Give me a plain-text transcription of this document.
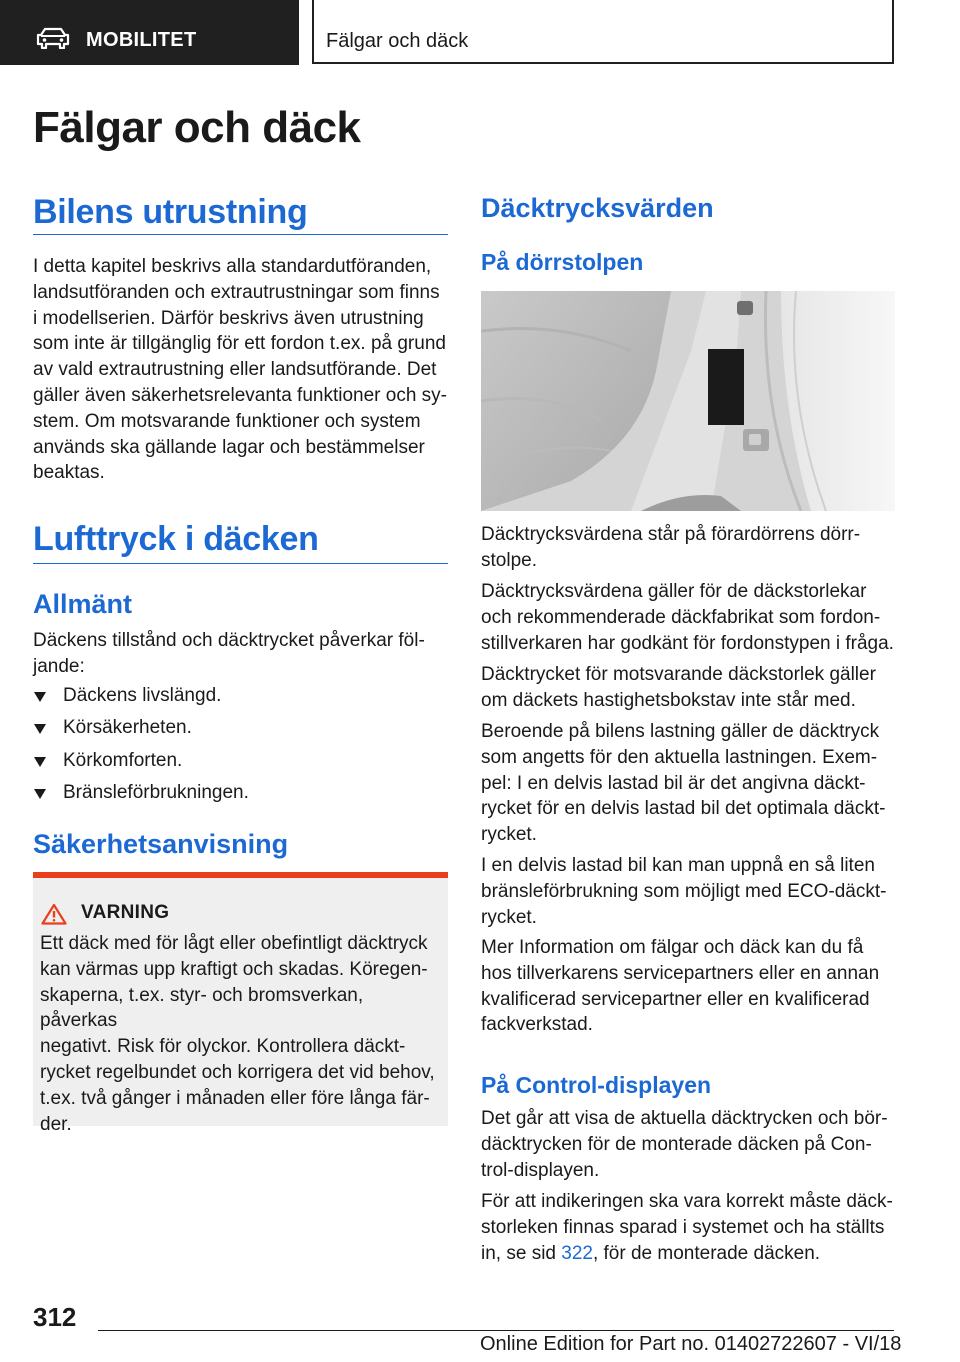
MOBILITET	Fälgar och däck
Fälgar och däck
Bilens utrustning
I detta kapitel beskrivs alla standardutföranden,
landsutföranden och extrautrustningar som finns
i modellserien. Därför beskrivs även utrustning
som inte är tillgänglig för ett fordon t.ex. på grund
av vald extrautrustning eller landsutförande. Det
gäller även säkerhetsrelevanta funktioner och sy-
stem. Om motsvarande funktioner och system
används ska gällande lagar och bestämmelser
beaktas.
Lufttryck i däcken
Allmänt
Däckens tillstånd och däcktrycket påverkar föl-
jande:
Däckens livslängd.
Körsäkerheten.
Körkomforten.
Bränsleförbrukningen.
Säkerhetsanvisning
VARNING
Ett däck med för lågt eller obefintligt däcktryck
kan värmas upp kraftigt och skadas. Köregen-
skaperna, t.ex. styr- och bromsverkan, påverkas
negativt. Risk för olyckor. Kontrollera däckt-
rycket regelbundet och korrigera det vid behov,
t.ex. två gånger i månaden eller före långa fär-
der.
Däcktrycksvärden
På dörrstolpen
Däcktrycksvärdena står på förardörrens dörr-
stolpe.
Däcktrycksvärdena gäller för de däckstorlekar
och rekommenderade däckfabrikat som fordon-
stillverkaren har godkänt för fordonstypen i fråga.
Däcktrycket för motsvarande däckstorlek gäller
om däckets hastighetsbokstav inte står med.
Beroende på bilens lastning gäller de däcktryck
som angetts för den aktuella lastningen. Exem-
pel: I en delvis lastad bil är det angivna däckt-
rycket för en delvis lastad bil det optimala däckt-
rycket.
I en delvis lastad bil kan man uppnå en så liten
bränsleförbrukning som möjligt med ECO-däckt-
rycket.
Mer Information om fälgar och däck kan du få
hos tillverkarens servicepartners eller en annan
kvalificerad servicepartner eller en kvalificerad
fackverkstad.
På Control-displayen
Det går att visa de aktuella däcktrycken och bör-
däcktrycken för de monterade däcken på Con-
trol-displayen.
För att indikeringen ska vara korrekt måste däck-
storleken finnas sparad i systemet och ha ställts
in, se sid 322, för de monterade däcken.
312
Online Edition for Part no. 01402722607 - VI/18
